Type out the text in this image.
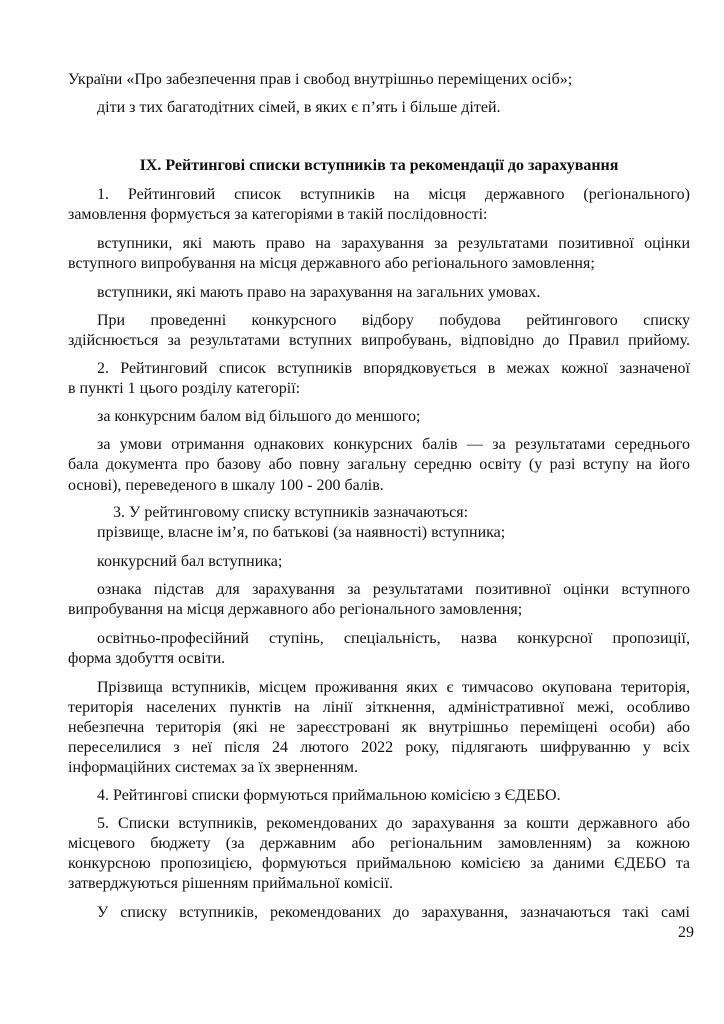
України «Про забезпечення прав і свобод внутрішньо переміщених осіб»;
діти з тих багатодітних сімей, в яких є п’ять і більше дітей.
IX. Рейтингові списки вступників та рекомендації до зарахування
1. Рейтинговий список вступників на місця державного (регіонального)
замовлення формується за категоріями в такій послідовності:
вступники, які мають право на зарахування за результатами позитивної оцінки
вступного випробування на місця державного або регіонального замовлення;
вступники, які мають право на зарахування на загальних умовах.
При проведенні конкурсного відбору побудова рейтингового списку
здійснюється за результатами вступних випробувань, відповідно до Правил прийому.
2. Рейтинговий список вступників впорядковується в межах кожної зазначеної
в пункті 1 цього розділу категорії:
за конкурсним балом від більшого до меншого;
за умови отримання однакових конкурсних балів — за результатами середнього
бала документа про базову або повну загальну середню освіту (у разі вступу на його
основі), переведеного в шкалу 100 - 200 балів.
3. У рейтинговому списку вступників зазначаються:
прізвище, власне ім’я, по батькові (за наявності) вступника;
конкурсний бал вступника;
ознака підстав для зарахування за результатами позитивної оцінки вступного
випробування на місця державного або регіонального замовлення;
освітньо-професійний ступінь, спеціальність, назва конкурсної пропозиції,
форма здобуття освіти.
Прізвища вступників, місцем проживання яких є тимчасово окупована територія,
територія населених пунктів на лінії зіткнення, адміністративної межі, особливо
небезпечна територія (які не зареєстровані як внутрішньо переміщені особи) або
переселилися з неї після 24 лютого 2022 року, підлягають шифруванню у всіх
інформаційних системах за їх зверненням.
4. Рейтингові списки формуються приймальною комісією з ЄДЕБО.
5. Списки вступників, рекомендованих до зарахування за кошти державного або
місцевого бюджету (за державним або регіональним замовленням) за кожною
конкурсною пропозицією, формуються приймальною комісією за даними ЄДЕБО та
затверджуються рішенням приймальної комісії.
У списку вступників, рекомендованих до зарахування, зазначаються такі самі
29
